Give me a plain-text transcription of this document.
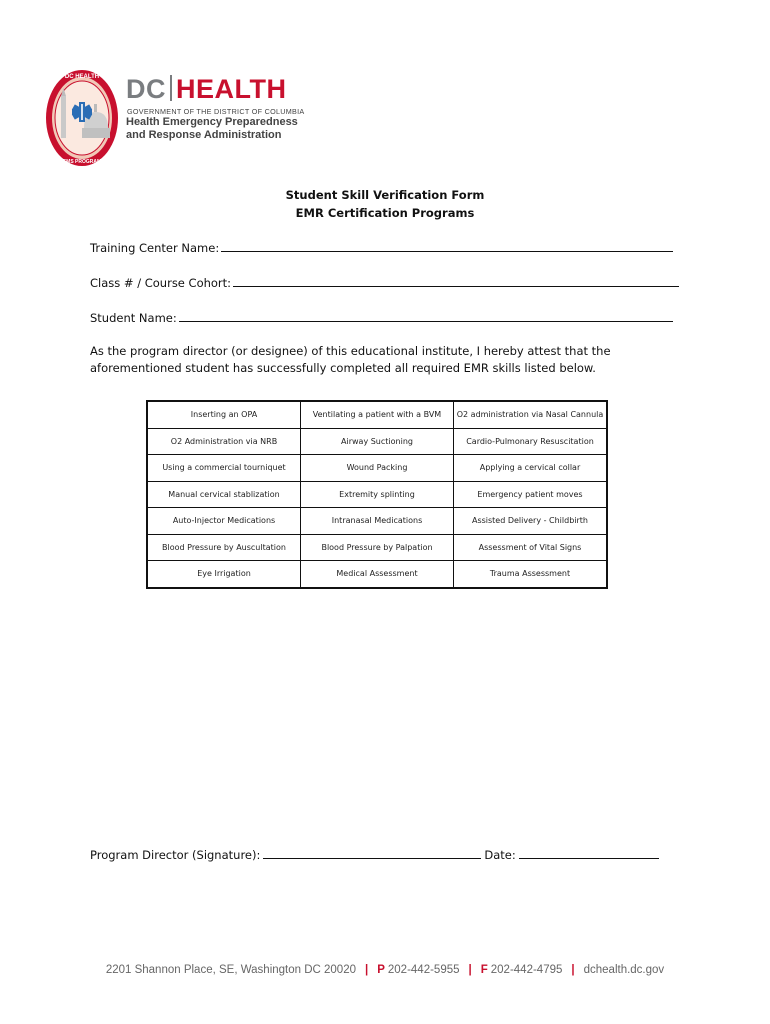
DC HEALTH
EMS PROGRAM
DC HEALTH
GOVERNMENT OF THE DISTRICT OF COLUMBIA
Health Emergency Preparedness
and Response Administration
Student Skill Verification Form
EMR Certification Programs
Training Center Name:
Class # / Course Cohort:
Student Name:
As the program director (or designee) of this educational institute, I hereby attest that the aforementioned student has successfully completed all required EMR skills listed below.
Inserting an OPA	Ventilating a patient with a BVM	O2 administration via Nasal Cannula
O2 Administration via NRB	Airway Suctioning	Cardio-Pulmonary Resuscitation
Using a commercial tourniquet	Wound Packing	Applying a cervical collar
Manual cervical stablization	Extremity splinting	Emergency patient moves
Auto-Injector Medications	Intranasal Medications	Assisted Delivery - Childbirth
Blood Pressure by Auscultation	Blood Pressure by Palpation	Assessment of Vital Signs
Eye Irrigation	Medical Assessment	Trauma Assessment
Program Director (Signature):	Date:
2201 Shannon Place, SE, Washington DC 20020 | P 202-442-5955 | F 202-442-4795 | dchealth.dc.gov
